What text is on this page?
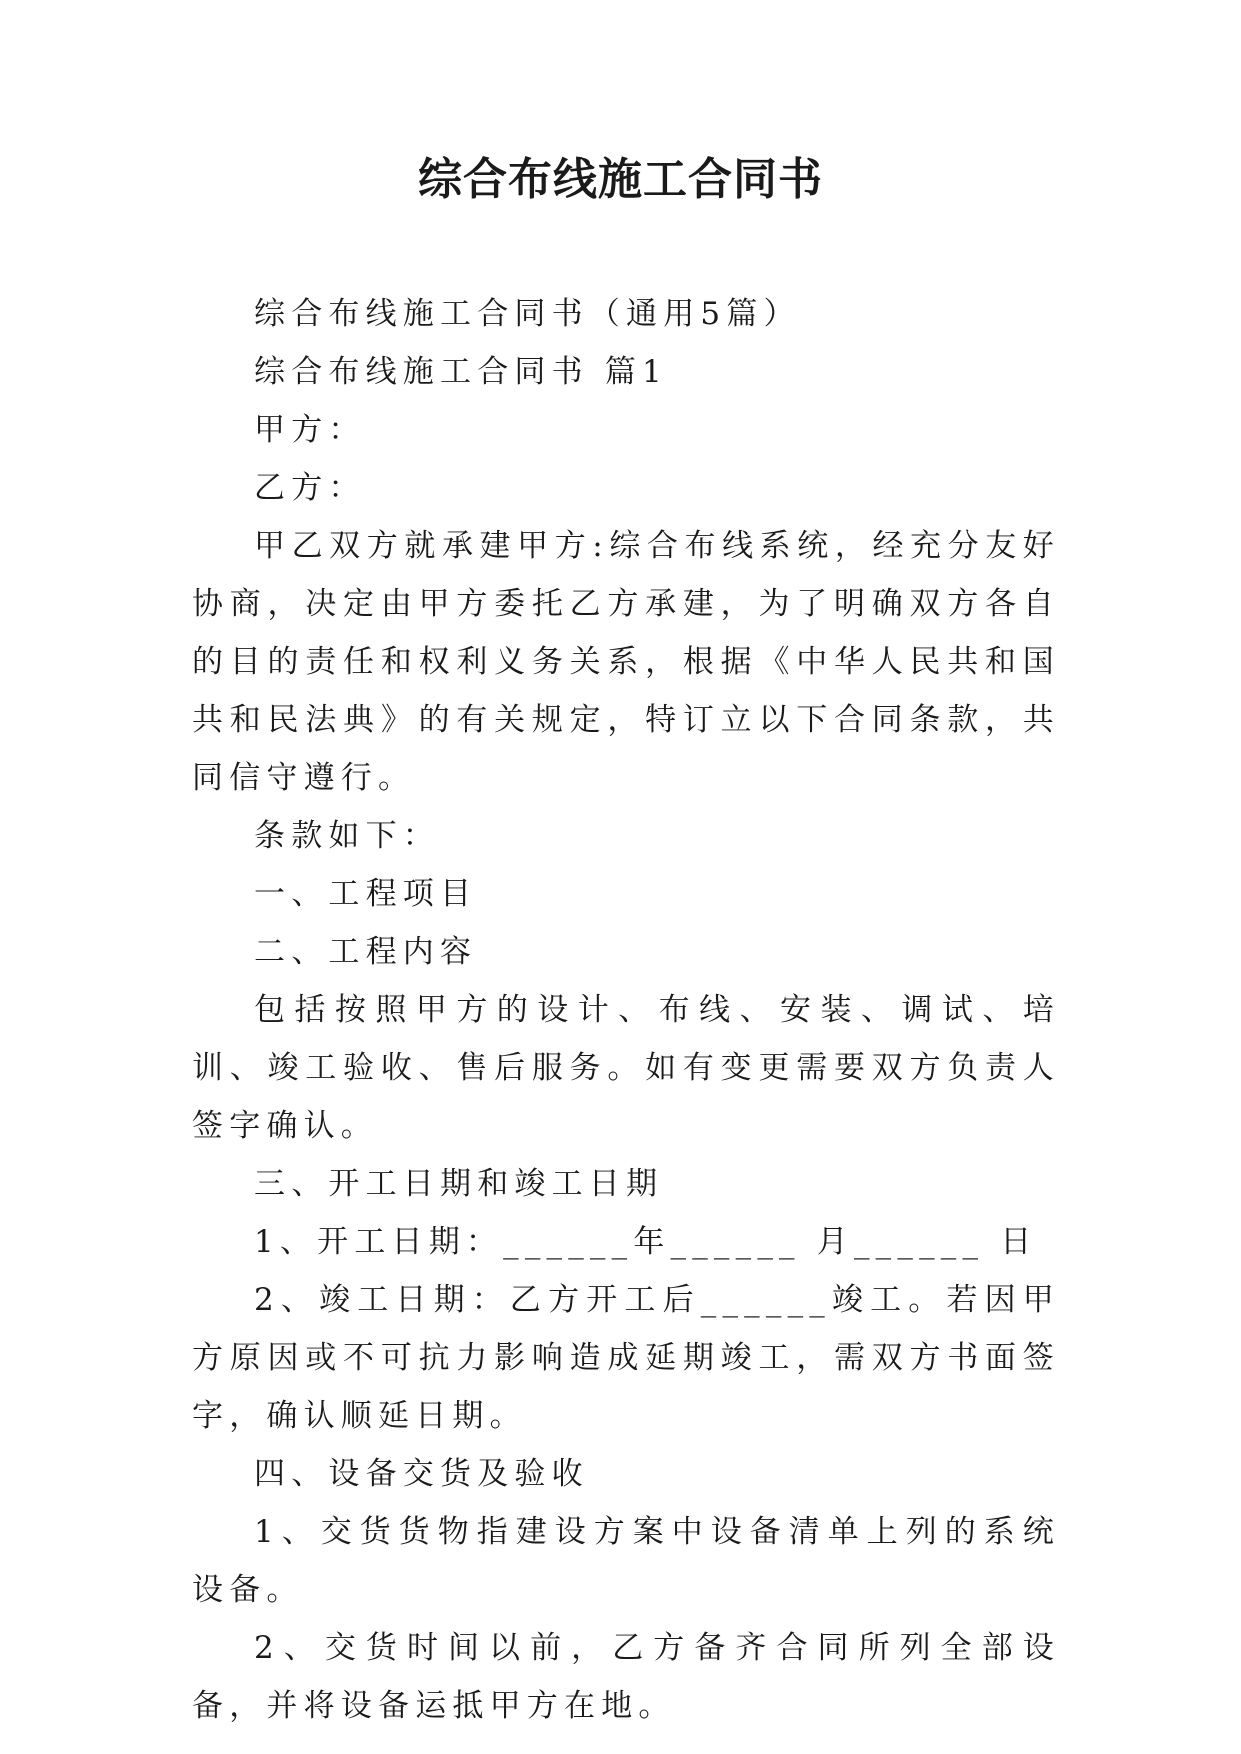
综合布线施工合同书

综合布线施工合同书（通用5篇）

综合布线施工合同书 篇1

甲方：

乙方：

甲乙双方就承建甲方:综合布线系统，经充分友好协商，决定由甲方委托乙方承建，为了明确双方各自的目的责任和权利义务关系，根据《中华人民共和国共和民法典》的有关规定，特订立以下合同条款，共同信守遵行。

条款如下：

一、工程项目

二、工程内容

包括按照甲方的设计、布线、安装、调试、培训、竣工验收、售后服务。如有变更需要双方负责人签字确认。

三、开工日期和竣工日期

1、开工日期：______年______ 月______ 日

2、竣工日期：乙方开工后______竣工。若因甲方原因或不可抗力影响造成延期竣工，需双方书面签字，确认顺延日期。

四、设备交货及验收

1、交货货物指建设方案中设备清单上列的系统设备。

2、交货时间以前，乙方备齐合同所列全部设备，并将设备运抵甲方在地。
